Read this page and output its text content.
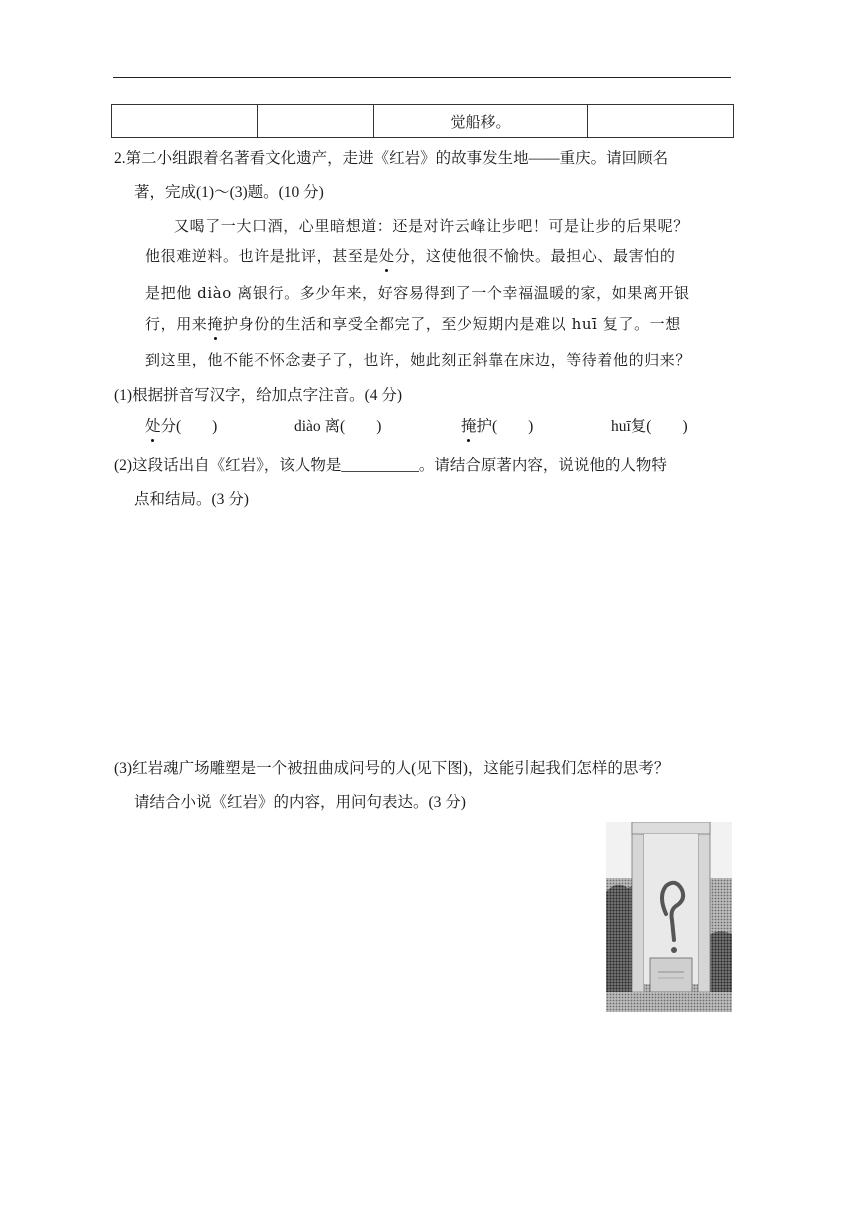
		觉船移。	
2.第二小组跟着名著看文化遗产，走进《红岩》的故事发生地——重庆。请回顾名
著，完成(1)～(3)题。(10 分)
又喝了一大口酒，心里暗想道：还是对许云峰让步吧！可是让步的后果呢？
他很难逆料。也许是批评，甚至是处分，这使他很不愉快。最担心、最害怕的
是把他 diào 离银行。多少年来，好容易得到了一个幸福温暖的家，如果离开银
行，用来掩护身份的生活和享受全都完了，至少短期内是难以 huī 复了。一想
到这里，他不能不怀念妻子了，也许，她此刻正斜靠在床边，等待着他的归来？
(1)根据拼音写汉字，给加点字注音。(4 分)
处分(　　)	diào 离(　　)	掩护(　　)	huī复(　　)
(2)这段话出自《红岩》，该人物是__________。请结合原著内容，说说他的人物特
点和结局。(3 分)
(3)红岩魂广场雕塑是一个被扭曲成问号的人(见下图)，这能引起我们怎样的思考？
请结合小说《红岩》的内容，用问句表达。(3 分)
